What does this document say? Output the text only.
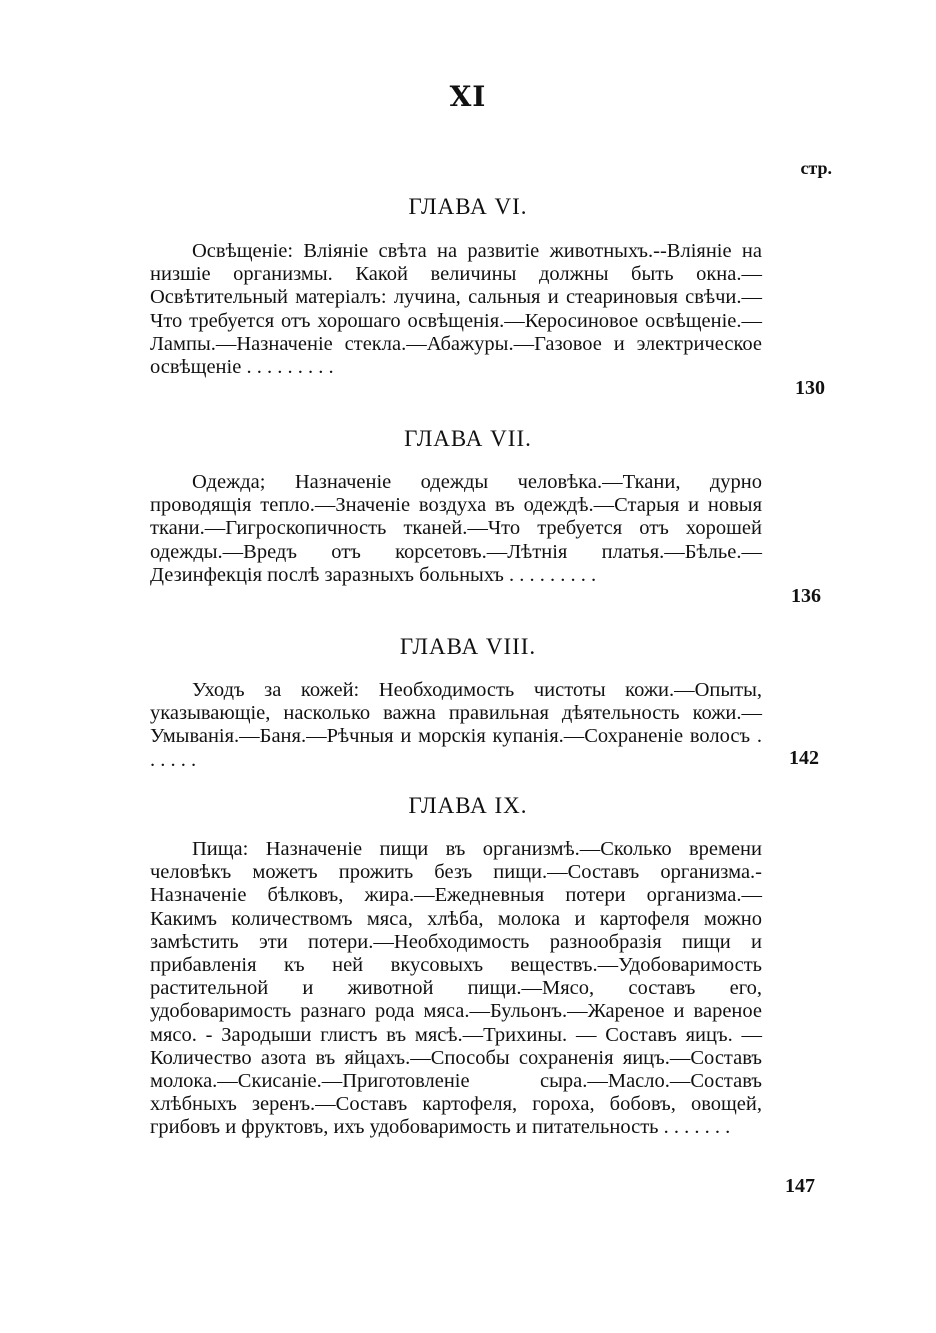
XI
стр.
ГЛАВА VI.
Освѣщеніе: Вліяніе свѣта на развитіе животныхъ.--Вліяніе на низшіе организмы. Какой величины должны быть окна.—Освѣтительный матеріалъ: лучина, сальныя и стеариновыя свѣчи.—Что требуется отъ хорошаго освѣщенія.—Керосиновое освѣщеніе.—Лампы.—Назначеніе стекла.—Абажуры.—Газовое и электрическое освѣщеніе . . . . . . . . .
130
ГЛАВА VII.
Одежда; Назначеніе одежды человѣка.—Ткани, дурно проводящія тепло.—Значеніе воздуха въ одеждѣ.—Старыя и новыя ткани.—Гигроскопичность тканей.—Что требуется отъ хорошей одежды.—Вредъ отъ корсетовъ.—Лѣтнія платья.—Бѣлье.—Дезинфекція послѣ заразныхъ больныхъ . . . . . . . . .
136
ГЛАВА VIII.
Уходъ за кожей: Необходимость чистоты кожи.—Опыты, указывающіе, насколько важна правильная дѣятельность кожи.—Умыванія.—Баня.—Рѣчныя и морскія купанія.—Сохраненіе волосъ . . . . . .	142
ГЛАВА IX.
Пища: Назначеніе пищи въ организмѣ.—Сколько времени человѣкъ можетъ прожить безъ пищи.—Составъ организма.- Назначеніе бѣлковъ, жира.—Ежедневныя потери организма.—Какимъ количествомъ мяса, хлѣба, молока и картофеля можно замѣстить эти потери.—Необходимость разнообразія пищи и прибавленія къ ней вкусовыхъ веществъ.—Удобоваримость растительной и животной пищи.—Мясо, составъ его, удобоваримость разнаго рода мяса.—Бульонъ.—Жареное и вареное мясо. - Зародыши глистъ въ мясѣ.—Трихины. — Составъ яицъ. — Количество азота въ яйцахъ.—Способы сохраненія яицъ.—Составъ молока.—Скисаніе.—Приготовленіе сыра.—Масло.—Составъ хлѣбныхъ зеренъ.—Составъ картофеля, гороха, бобовъ, овощей, грибовъ и фруктовъ, ихъ удобоваримость и питательность . . . . . . .
147
